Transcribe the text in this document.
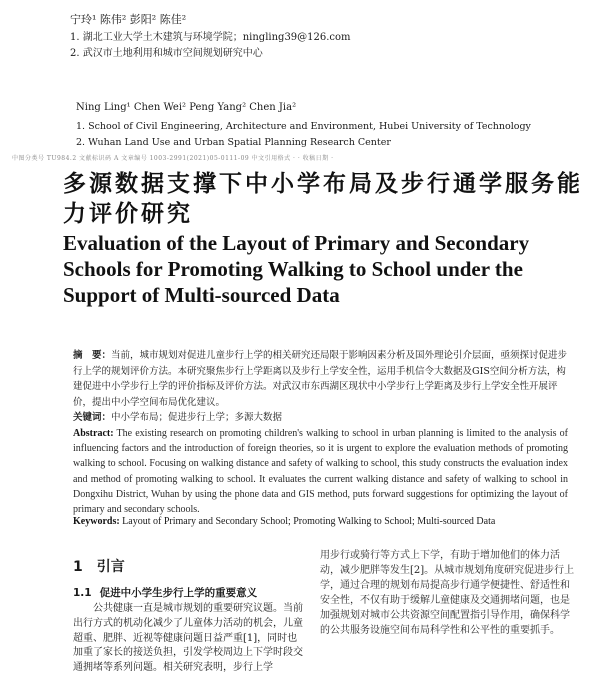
宁玲¹ 陈伟² 彭阳² 陈佳²
1. 湖北工业大学土木建筑与环境学院；ningling39@126.com
2. 武汉市土地利用和城市空间规划研究中心
Ning Ling¹ Chen Wei² Peng Yang² Chen Jia²
1. School of Civil Engineering, Architecture and Environment, Hubei University of Technology
2. Wuhan Land Use and Urban Spatial Planning Research Center
中图分类号 TU984.2 文献标识码 A 文章编号 1003-2991(2021)05-0111-09 中文引用格式 · · 收稿日期 ·
多源数据支撑下中小学布局及步行通学服务能力评价研究
Evaluation of the Layout of Primary and Secondary Schools for Promoting Walking to School under the Support of Multi-sourced Data
摘　要：当前，城市规划对促进儿童步行上学的相关研究还局限于影响因素分析及国外理论引介层面，亟须探讨促进步行上学的规划评价方法。本研究聚焦步行上学距离以及步行上学安全性，运用手机信令大数据及GIS空间分析方法，构建促进中小学步行上学的评价指标及评价方法。对武汉市东西湖区现状中小学步行上学距离及步行上学安全性开展评价，提出中小学空间布局优化建议。
关键词：中小学布局；促进步行上学；多源大数据
Abstract: The existing research on promoting children's walking to school in urban planning is limited to the analysis of influencing factors and the introduction of foreign theories, so it is urgent to explore the evaluation methods of promoting walking to school. Focusing on walking distance and safety of walking to school, this study constructs the evaluation index and method of promoting walking to school. It evaluates the current walking distance and safety of walking to school in Dongxihu District, Wuhan by using the phone data and GIS method, puts forward suggestions for optimizing the layout of primary and secondary schools.
Keywords: Layout of Primary and Secondary School; Promoting Walking to School; Multi-sourced Data
1 引言
1.1 促进中小学生步行上学的重要意义
公共健康一直是城市规划的重要研究议题。当前出行方式的机动化减少了儿童体力活动的机会，儿童超重、肥胖、近视等健康问题日益严重[1]，同时也加重了家长的接送负担，引发学校周边上下学时段交通拥堵等系列问题。相关研究表明，步行上学
用步行或骑行等方式上下学，有助于增加他们的体力活动，减少肥胖等发生[2]。从城市规划角度研究促进步行上学，通过合理的规划布局提高步行通学便捷性、舒适性和安全性，不仅有助于缓解儿童健康及交通拥堵问题，也是加强规划对城市公共资源空间配置指引导作用，确保科学的公共服务设施空间布局科学性和公平性的重要抓手。
